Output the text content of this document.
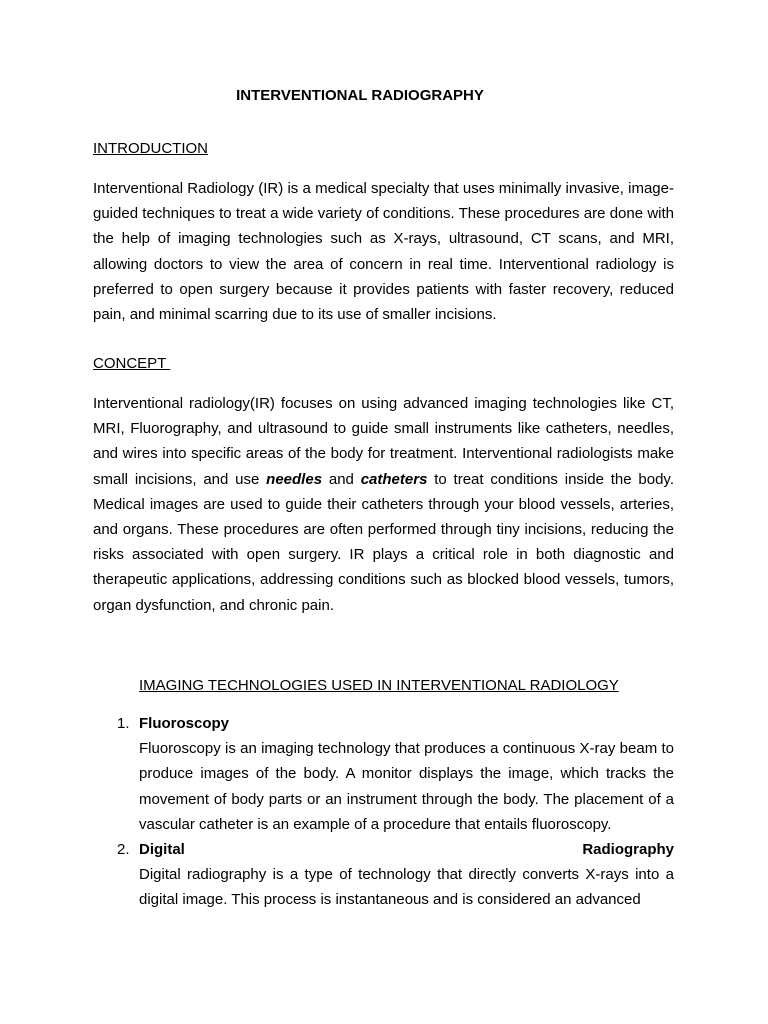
INTERVENTIONAL RADIOGRAPHY
INTRODUCTION

Interventional Radiology (IR) is a medical specialty that uses minimally invasive, image-guided techniques to treat a wide variety of conditions. These procedures are done with the help of imaging technologies such as X-rays, ultrasound, CT scans, and MRI, allowing doctors to view the area of concern in real time. Interventional radiology is preferred to open surgery because it provides patients with faster recovery, reduced pain, and minimal scarring due to its use of smaller incisions.

CONCEPT

Interventional radiology(IR) focuses on using advanced imaging technologies like CT, MRI, Fluorography, and ultrasound to guide small instruments like catheters, needles, and wires into specific areas of the body for treatment. Interventional radiologists make small incisions, and use needles and catheters to treat conditions inside the body. Medical images are used to guide their catheters through your blood vessels, arteries, and organs. These procedures are often performed through tiny incisions, reducing the risks associated with open surgery. IR plays a critical role in both diagnostic and therapeutic applications, addressing conditions such as blocked blood vessels, tumors, organ dysfunction, and chronic pain.

IMAGING TECHNOLOGIES USED IN INTERVENTIONAL RADIOLOGY
1. Fluoroscopy

Fluoroscopy is an imaging technology that produces a continuous X-ray beam to produce images of the body. A monitor displays the image, which tracks the movement of body parts or an instrument through the body. The placement of a vascular catheter is an example of a procedure that entails fluoroscopy.

2. Digital	Radiography

Digital radiography is a type of technology that directly converts X-rays into a digital image. This process is instantaneous and is considered an advanced
